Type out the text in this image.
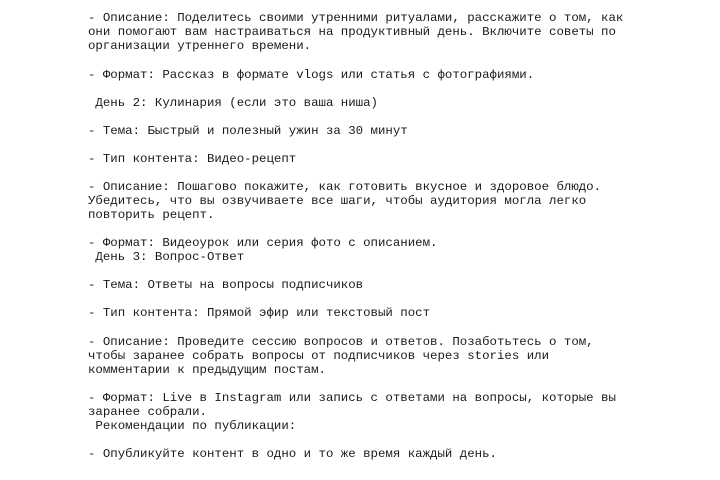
- Описание: Поделитесь своими утренними ритуалами, расскажите о том, как

они помогают вам настраиваться на продуктивный день. Включите советы по

организации утреннего времени.

- Формат: Рассказ в формате vlogs или статья с фотографиями.

День 2: Кулинария (если это ваша ниша)

- Тема: Быстрый и полезный ужин за 30 минут

- Тип контента: Видео-рецепт

- Описание: Пошагово покажите, как готовить вкусное и здоровое блюдо.

Убедитесь, что вы озвучиваете все шаги, чтобы аудитория могла легко

повторить рецепт.

- Формат: Видеоурок или серия фото с описанием.

День 3: Вопрос-Ответ

- Тема: Ответы на вопросы подписчиков

- Тип контента: Прямой эфир или текстовый пост

- Описание: Проведите сессию вопросов и ответов. Позаботьтесь о том,

чтобы заранее собрать вопросы от подписчиков через stories или

комментарии к предыдущим постам.

- Формат: Live в Instagram или запись с ответами на вопросы, которые вы

заранее собрали.

Рекомендации по публикации:

- Опубликуйте контент в одно и то же время каждый день.
